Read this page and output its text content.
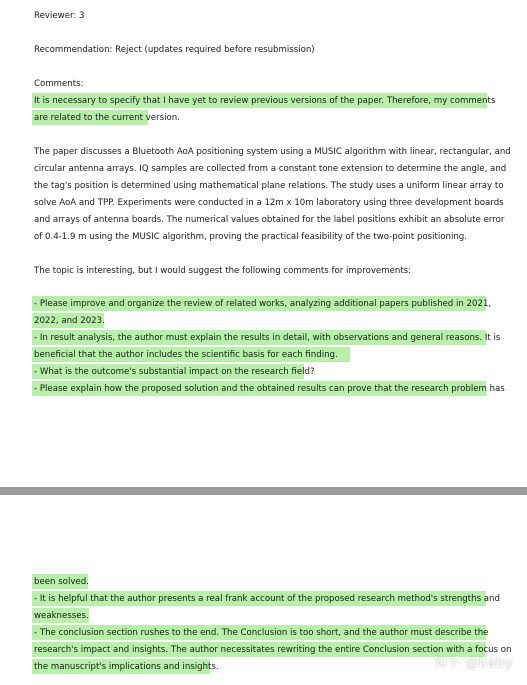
Reviewer: 3
Recommendation: Reject (updates required before resubmission)
Comments:
It is necessary to specify that I have yet to review previous versions of the paper. Therefore, my comments
are related to the current version.
The paper discusses a Bluetooth AoA positioning system using a MUSIC algorithm with linear, rectangular, and
circular antenna arrays. IQ samples are collected from a constant tone extension to determine the angle, and
the tag's position is determined using mathematical plane relations. The study uses a uniform linear array to
solve AoA and TPP. Experiments were conducted in a 12m x 10m laboratory using three development boards
and arrays of antenna boards. The numerical values obtained for the label positions exhibit an absolute error
of 0.4-1.9 m using the MUSIC algorithm, proving the practical feasibility of the two-point positioning.
The topic is interesting, but I would suggest the following comments for improvements:
- Please improve and organize the review of related works, analyzing additional papers published in 2021,
2022, and 2023.
- In result analysis, the author must explain the results in detail, with observations and general reasons. It is
beneficial that the author includes the scientific basis for each finding.
- What is the outcome's substantial impact on the research field?
- Please explain how the proposed solution and the obtained results can prove that the research problem has
been solved.
- It is helpful that the author presents a real frank account of the proposed research method's strengths and
weaknesses.
- The conclusion section rushes to the end. The Conclusion is too short, and the author must describe the
research's impact and insights. The author necessitates rewriting the entire Conclusion section with a focus on
the manuscript's implications and insights.	知乎 @baby
